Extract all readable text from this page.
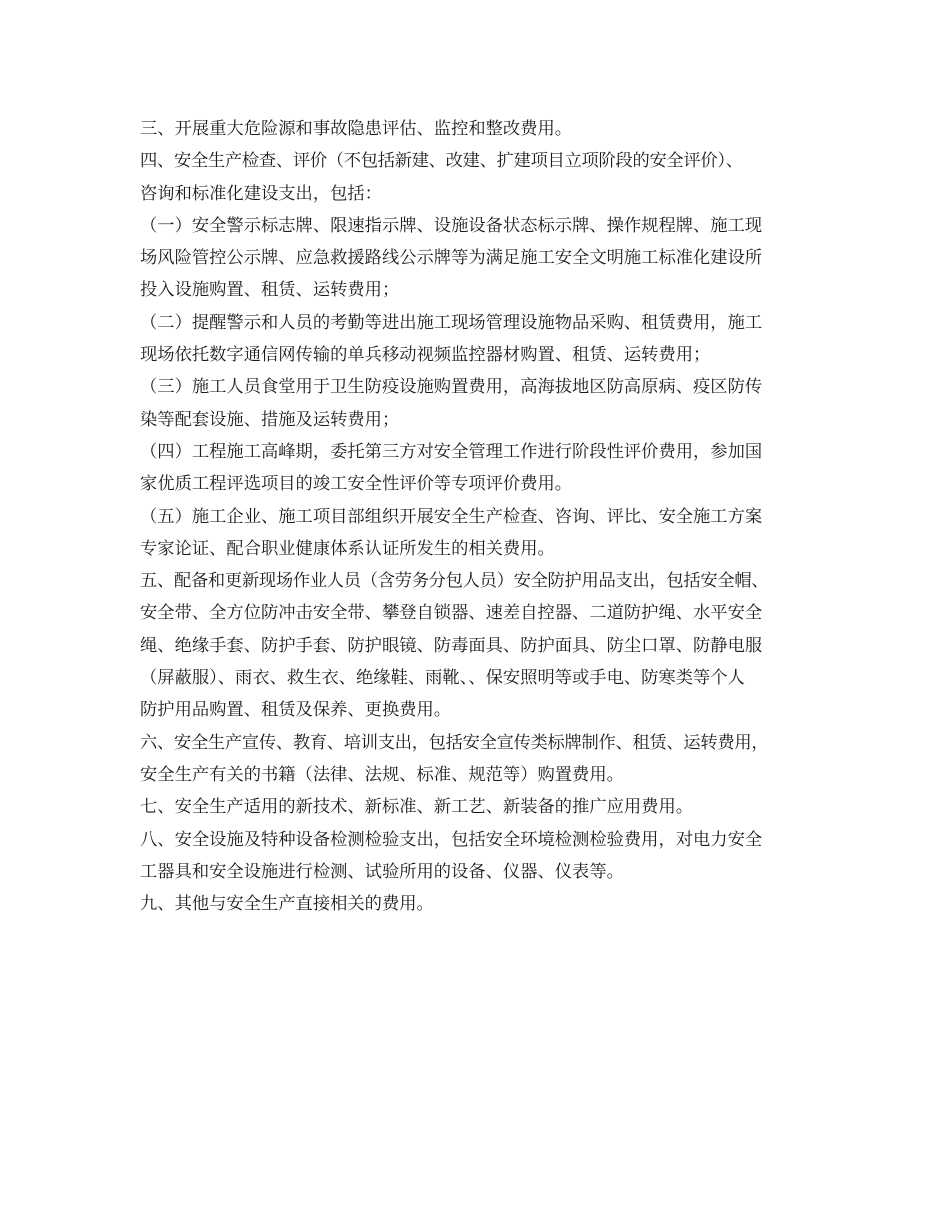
三、开展重大危险源和事故隐患评估、监控和整改费用。
四、安全生产检查、评价（不包括新建、改建、扩建项目立项阶段的安全评价）、
咨询和标准化建设支出，包括：
（一）安全警示标志牌、限速指示牌、设施设备状态标示牌、操作规程牌、施工现
场风险管控公示牌、应急救援路线公示牌等为满足施工安全文明施工标准化建设所
投入设施购置、租赁、运转费用；
（二）提醒警示和人员的考勤等进出施工现场管理设施物品采购、租赁费用，施工
现场依托数字通信网传输的单兵移动视频监控器材购置、租赁、运转费用；
（三）施工人员食堂用于卫生防疫设施购置费用，高海拔地区防高原病、疫区防传
染等配套设施、措施及运转费用；
（四）工程施工高峰期，委托第三方对安全管理工作进行阶段性评价费用，参加国
家优质工程评选项目的竣工安全性评价等专项评价费用。
（五）施工企业、施工项目部组织开展安全生产检查、咨询、评比、安全施工方案
专家论证、配合职业健康体系认证所发生的相关费用。
五、配备和更新现场作业人员（含劳务分包人员）安全防护用品支出，包括安全帽、
安全带、全方位防冲击安全带、攀登自锁器、速差自控器、二道防护绳、水平安全
绳、绝缘手套、防护手套、防护眼镜、防毒面具、防护面具、防尘口罩、防静电服
（屏蔽服）、雨衣、救生衣、绝缘鞋、雨靴、、保安照明等或手电、防寒类等个人
防护用品购置、租赁及保养、更换费用。
六、安全生产宣传、教育、培训支出，包括安全宣传类标牌制作、租赁、运转费用，
安全生产有关的书籍（法律、法规、标准、规范等）购置费用。
七、安全生产适用的新技术、新标准、新工艺、新装备的推广应用费用。
八、安全设施及特种设备检测检验支出，包括安全环境检测检验费用，对电力安全
工器具和安全设施进行检测、试验所用的设备、仪器、仪表等。
九、其他与安全生产直接相关的费用。
